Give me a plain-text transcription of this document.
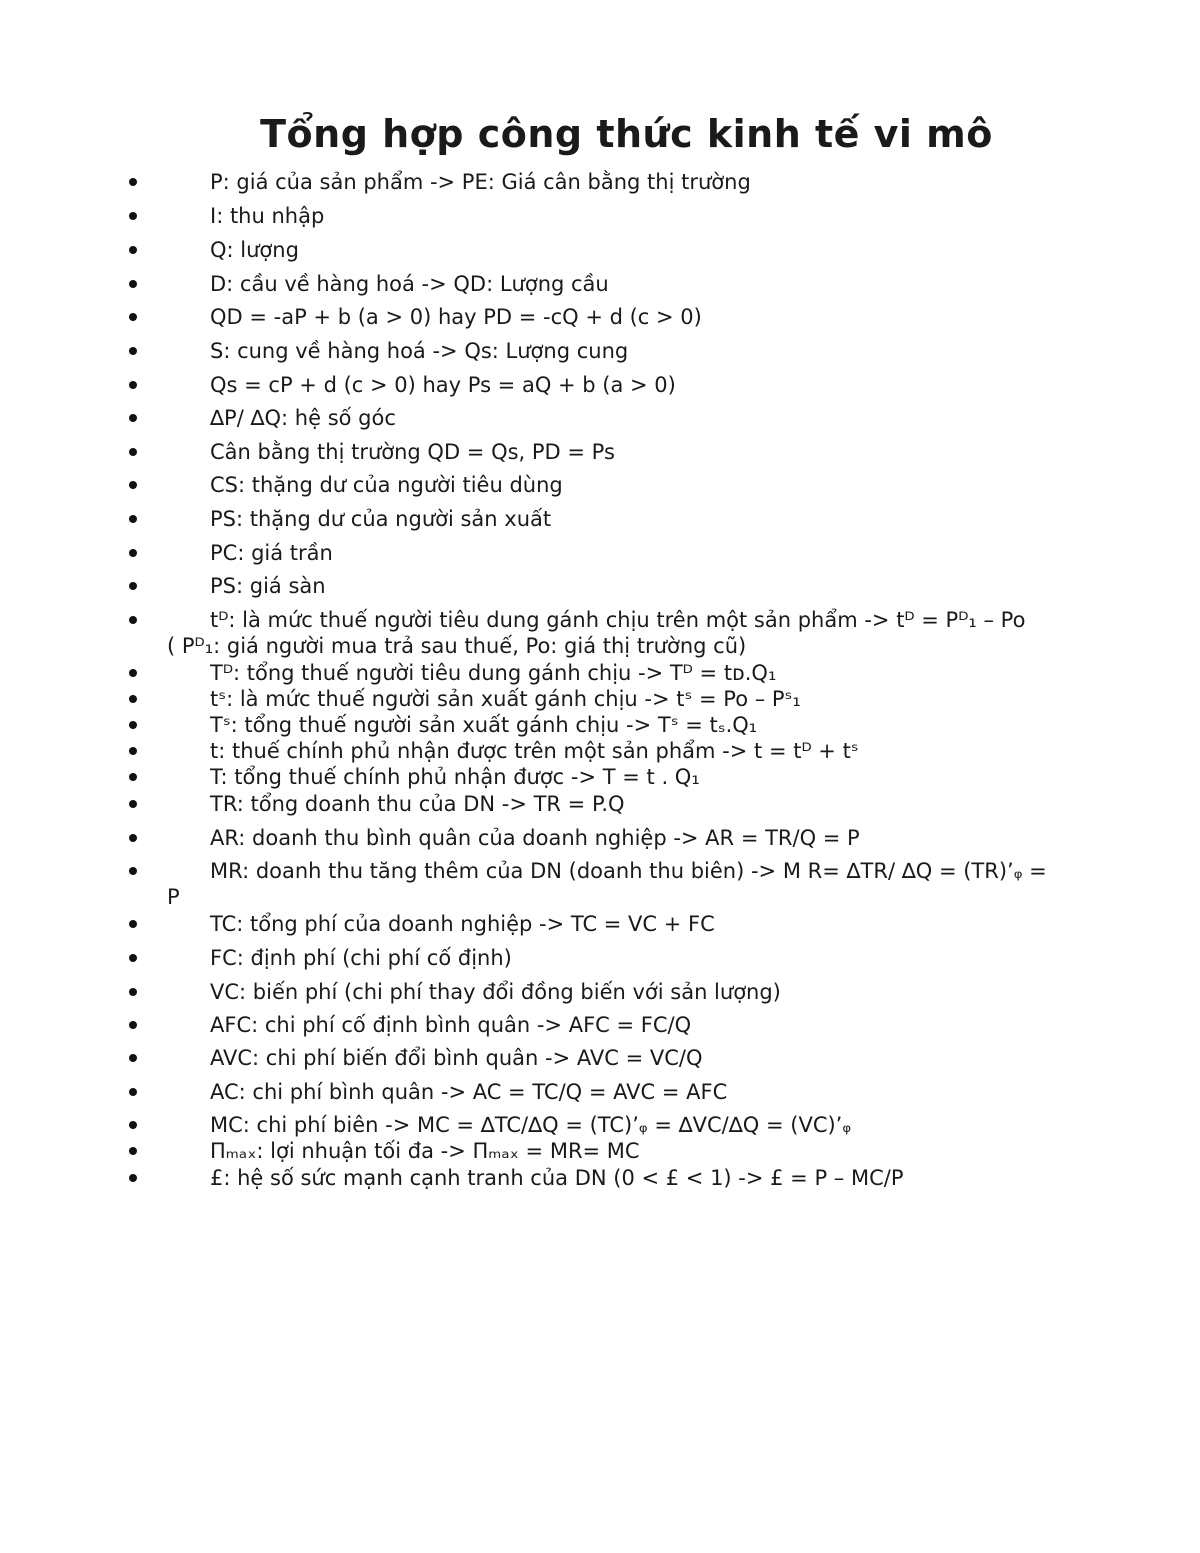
Tổng hợp công thức kinh tế vi mô
P: giá của sản phẩm -> PE: Giá cân bằng thị trường
I: thu nhập
Q: lượng
D: cầu về hàng hoá -> QD: Lượng cầu
QD = -aP + b (a > 0) hay PD = -cQ + d (c > 0)
S: cung về hàng hoá -> Qs: Lượng cung
Qs = cP + d (c > 0) hay Ps = aQ + b (a > 0)
∆P/ ∆Q: hệ số góc
Cân bằng thị trường QD = Qs, PD = Ps
CS: thặng dư của người tiêu dùng
PS: thặng dư của người sản xuất
PC: giá trần
PS: giá sàn
tᴰ: là mức thuế người tiêu dung gánh chịu trên một sản phẩm -> tᴰ = Pᴰ₁ – Po
( Pᴰ₁: giá người mua trả sau thuế, Po: giá thị trường cũ)
Tᴰ: tổng thuế người tiêu dung gánh chịu -> Tᴰ = tᴅ.Q₁
tˢ: là mức thuế người sản xuất gánh chịu -> tˢ = Po – Pˢ₁
Tˢ: tổng thuế người sản xuất gánh chịu -> Tˢ = tₛ.Q₁
t: thuế chính phủ nhận được trên một sản phẩm -> t = tᴰ + tˢ
T: tổng thuế chính phủ nhận được -> T = t . Q₁
TR: tổng doanh thu của DN -> TR = P.Q
AR: doanh thu bình quân của doanh nghiệp -> AR = TR/Q = P
MR: doanh thu tăng thêm của DN (doanh thu biên) -> M R= ∆TR/ ∆Q = (TR)’ᵩ =
P
TC: tổng phí của doanh nghiệp -> TC = VC + FC
FC: định phí (chi phí cố định)
VC: biến phí (chi phí thay đổi đồng biến với sản lượng)
AFC: chi phí cố định bình quân -> AFC = FC/Q
AVC: chi phí biến đổi bình quân -> AVC = VC/Q
AC: chi phí bình quân -> AC = TC/Q = AVC = AFC
MC: chi phí biên -> MC = ∆TC/∆Q = (TC)’ᵩ = ∆VC/∆Q = (VC)’ᵩ
Пₘₐₓ: lợi nhuận tối đa -> Пₘₐₓ = MR= MC
£: hệ số sức mạnh cạnh tranh của DN (0 < £ < 1) -> £ = P – MC/P
